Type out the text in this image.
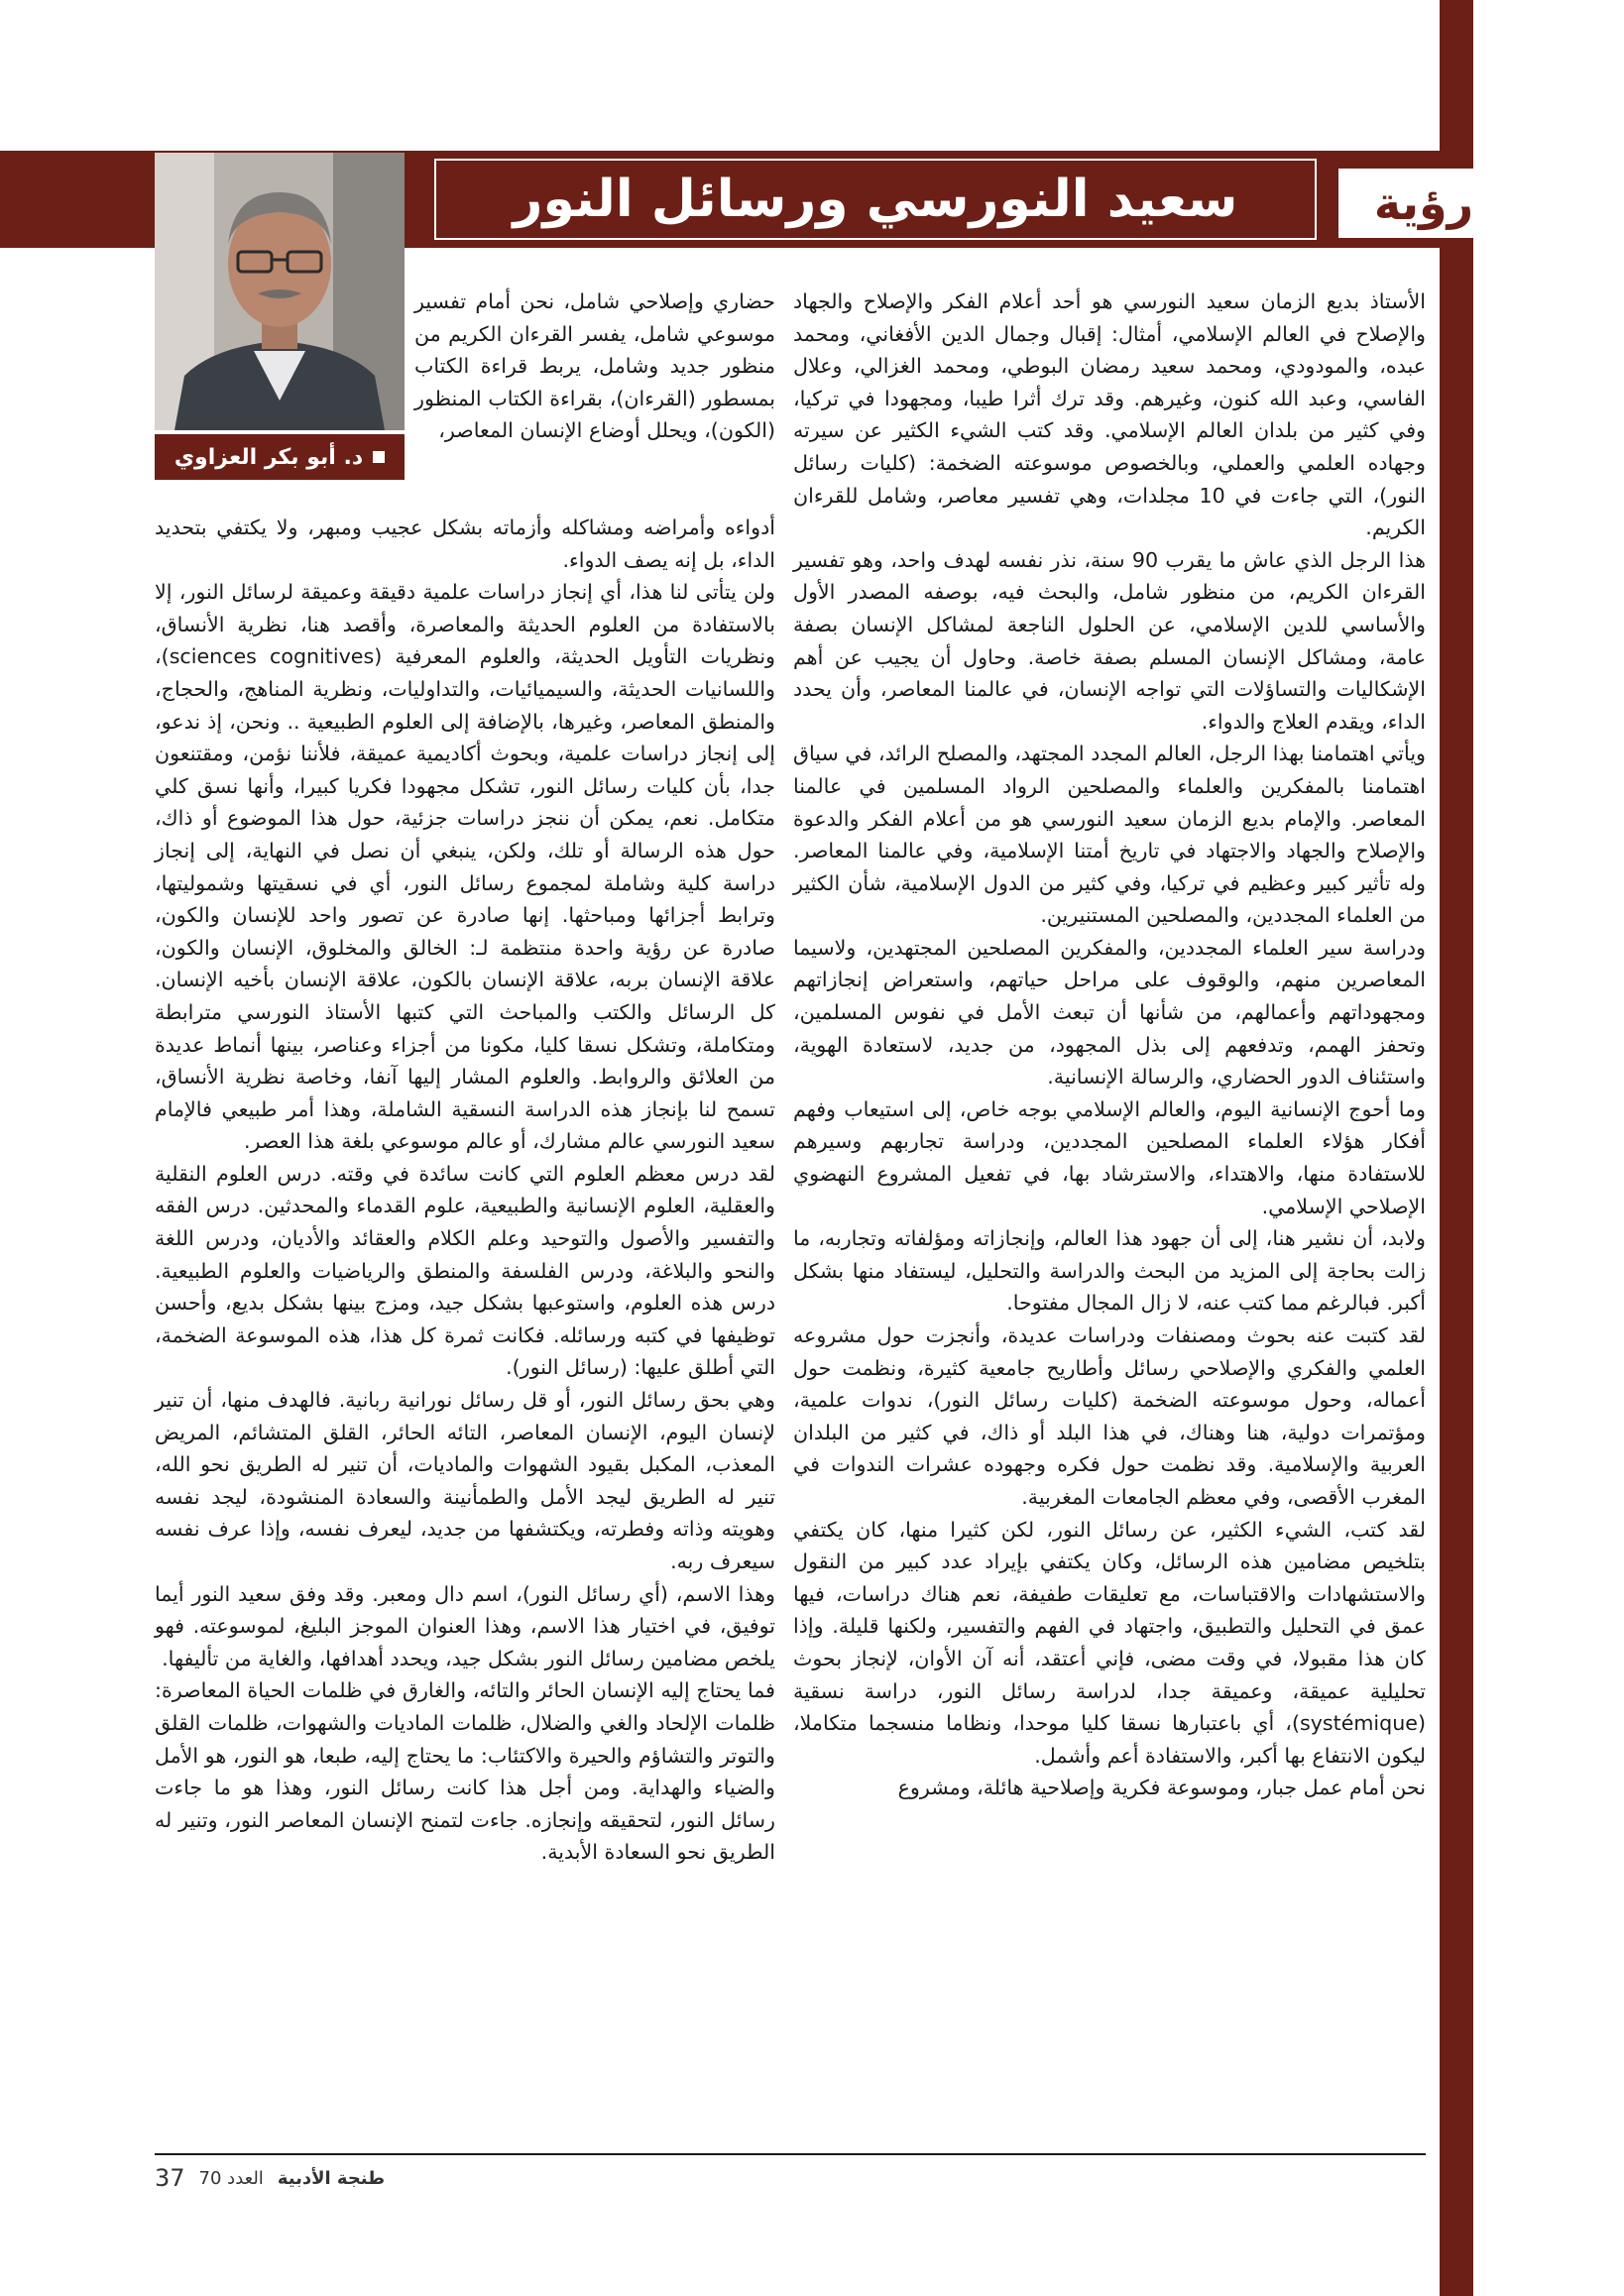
سعيد النورسي ورسائل النور	رؤية
د. أبو بكر العزاوي

الأستاذ بديع الزمان سعيد النورسي هو أحد أعلام الفكر والإصلاح والجهاد والإصلاح في العالم الإسلامي، أمثال: إقبال وجمال الدين الأفغاني، ومحمد عبده، والمودودي، ومحمد سعيد رمضان البوطي، ومحمد الغزالي، وعلال الفاسي، وعبد الله كنون، وغيرهم. وقد ترك أثرا طيبا، ومجهودا في تركيا، وفي كثير من بلدان العالم الإسلامي. وقد كتب الشيء الكثير عن سيرته وجهاده العلمي والعملي، وبالخصوص موسوعته الضخمة: (كليات رسائل النور)، التي جاءت في 10 مجلدات، وهي تفسير معاصر، وشامل للقرءان الكريم.

هذا الرجل الذي عاش ما يقرب 90 سنة، نذر نفسه لهدف واحد، وهو تفسير القرءان الكريم، من منظور شامل، والبحث فيه، بوصفه المصدر الأول والأساسي للدين الإسلامي، عن الحلول الناجعة لمشاكل الإنسان بصفة عامة، ومشاكل الإنسان المسلم بصفة خاصة. وحاول أن يجيب عن أهم الإشكاليات والتساؤلات التي تواجه الإنسان، في عالمنا المعاصر، وأن يحدد الداء، ويقدم العلاج والدواء.

ويأتي اهتمامنا بهذا الرجل، العالم المجدد المجتهد، والمصلح الرائد، في سياق اهتمامنا بالمفكرين والعلماء والمصلحين الرواد المسلمين في عالمنا المعاصر. والإمام بديع الزمان سعيد النورسي هو من أعلام الفكر والدعوة والإصلاح والجهاد والاجتهاد في تاريخ أمتنا الإسلامية، وفي عالمنا المعاصر. وله تأثير كبير وعظيم في تركيا، وفي كثير من الدول الإسلامية، شأن الكثير من العلماء المجددين، والمصلحين المستنيرين.

ودراسة سير العلماء المجددين، والمفكرين المصلحين المجتهدين، ولاسيما المعاصرين منهم، والوقوف على مراحل حياتهم، واستعراض إنجازاتهم ومجهوداتهم وأعمالهم، من شأنها أن تبعث الأمل في نفوس المسلمين، وتحفز الهمم، وتدفعهم إلى بذل المجهود، من جديد، لاستعادة الهوية، واستئناف الدور الحضاري، والرسالة الإنسانية.

وما أحوج الإنسانية اليوم، والعالم الإسلامي بوجه خاص، إلى استيعاب وفهم أفكار هؤلاء العلماء المصلحين المجددين، ودراسة تجاربهم وسيرهم للاستفادة منها، والاهتداء، والاسترشاد بها، في تفعيل المشروع النهضوي الإصلاحي الإسلامي.

ولابد، أن نشير هنا، إلى أن جهود هذا العالم، وإنجازاته ومؤلفاته وتجاربه، ما زالت بحاجة إلى المزيد من البحث والدراسة والتحليل، ليستفاد منها بشكل أكبر. فبالرغم مما كتب عنه، لا زال المجال مفتوحا.

لقد كتبت عنه بحوث ومصنفات ودراسات عديدة، وأنجزت حول مشروعه العلمي والفكري والإصلاحي رسائل وأطاريح جامعية كثيرة، ونظمت حول أعماله، وحول موسوعته الضخمة (كليات رسائل النور)، ندوات علمية، ومؤتمرات دولية، هنا وهناك، في هذا البلد أو ذاك، في كثير من البلدان العربية والإسلامية. وقد نظمت حول فكره وجهوده عشرات الندوات في المغرب الأقصى، وفي معظم الجامعات المغربية.

لقد كتب، الشيء الكثير، عن رسائل النور، لكن كثيرا منها، كان يكتفي بتلخيص مضامين هذه الرسائل، وكان يكتفي بإيراد عدد كبير من النقول والاستشهادات والاقتباسات، مع تعليقات طفيفة، نعم هناك دراسات، فيها عمق في التحليل والتطبيق، واجتهاد في الفهم والتفسير، ولكنها قليلة. وإذا كان هذا مقبولا، في وقت مضى، فإني أعتقد، أنه آن الأوان، لإنجاز بحوث تحليلية عميقة، وعميقة جدا، لدراسة رسائل النور، دراسة نسقية (systémique)، أي باعتبارها نسقا كليا موحدا، ونظاما منسجما متكاملا، ليكون الانتفاع بها أكبر، والاستفادة أعم وأشمل.

نحن أمام عمل جبار، وموسوعة فكرية وإصلاحية هائلة، ومشروع

حضاري وإصلاحي شامل، نحن أمام تفسير موسوعي شامل، يفسر القرءان الكريم من منظور جديد وشامل، يربط قراءة الكتاب بمسطور (القرءان)، بقراءة الكتاب المنظور (الكون)، ويحلل أوضاع الإنسان المعاصر،

أدواءه وأمراضه ومشاكله وأزماته بشكل عجيب ومبهر، ولا يكتفي بتحديد الداء، بل إنه يصف الدواء.

ولن يتأتى لنا هذا، أي إنجاز دراسات علمية دقيقة وعميقة لرسائل النور، إلا بالاستفادة من العلوم الحديثة والمعاصرة، وأقصد هنا، نظرية الأنساق، ونظريات التأويل الحديثة، والعلوم المعرفية (sciences cognitives)، واللسانيات الحديثة، والسيميائيات، والتداوليات، ونظرية المناهج، والحجاج، والمنطق المعاصر، وغيرها، بالإضافة إلى العلوم الطبيعية .. ونحن، إذ ندعو، إلى إنجاز دراسات علمية، وبحوث أكاديمية عميقة، فلأننا نؤمن، ومقتنعون جدا، بأن كليات رسائل النور، تشكل مجهودا فكريا كبيرا، وأنها نسق كلي متكامل. نعم، يمكن أن ننجز دراسات جزئية، حول هذا الموضوع أو ذاك، حول هذه الرسالة أو تلك، ولكن، ينبغي أن نصل في النهاية، إلى إنجاز دراسة كلية وشاملة لمجموع رسائل النور، أي في نسقيتها وشموليتها، وترابط أجزائها ومباحثها. إنها صادرة عن تصور واحد للإنسان والكون، صادرة عن رؤية واحدة منتظمة لـ: الخالق والمخلوق، الإنسان والكون، علاقة الإنسان بربه، علاقة الإنسان بالكون، علاقة الإنسان بأخيه الإنسان. كل الرسائل والكتب والمباحث التي كتبها الأستاذ النورسي مترابطة ومتكاملة، وتشكل نسقا كليا، مكونا من أجزاء وعناصر، بينها أنماط عديدة من العلائق والروابط. والعلوم المشار إليها آنفا، وخاصة نظرية الأنساق، تسمح لنا بإنجاز هذه الدراسة النسقية الشاملة، وهذا أمر طبيعي فالإمام سعيد النورسي عالم مشارك، أو عالم موسوعي بلغة هذا العصر.

لقد درس معظم العلوم التي كانت سائدة في وقته. درس العلوم النقلية والعقلية، العلوم الإنسانية والطبيعية، علوم القدماء والمحدثين. درس الفقه والتفسير والأصول والتوحيد وعلم الكلام والعقائد والأديان، ودرس اللغة والنحو والبلاغة، ودرس الفلسفة والمنطق والرياضيات والعلوم الطبيعية. درس هذه العلوم، واستوعبها بشكل جيد، ومزج بينها بشكل بديع، وأحسن توظيفها في كتبه ورسائله. فكانت ثمرة كل هذا، هذه الموسوعة الضخمة، التي أطلق عليها: (رسائل النور).

وهي بحق رسائل النور، أو قل رسائل نورانية ربانية. فالهدف منها، أن تنير لإنسان اليوم، الإنسان المعاصر، التائه الحائر، القلق المتشائم، المريض المعذب، المكبل بقيود الشهوات والماديات، أن تنير له الطريق نحو الله، تنير له الطريق ليجد الأمل والطمأنينة والسعادة المنشودة، ليجد نفسه وهويته وذاته وفطرته، ويكتشفها من جديد، ليعرف نفسه، وإذا عرف نفسه سيعرف ربه.

وهذا الاسم، (أي رسائل النور)، اسم دال ومعبر. وقد وفق سعيد النور أيما توفيق، في اختيار هذا الاسم، وهذا العنوان الموجز البليغ، لموسوعته. فهو يلخص مضامين رسائل النور بشكل جيد، ويحدد أهدافها، والغاية من تأليفها.

فما يحتاج إليه الإنسان الحائر والتائه، والغارق في ظلمات الحياة المعاصرة: ظلمات الإلحاد والغي والضلال، ظلمات الماديات والشهوات، ظلمات القلق والتوتر والتشاؤم والحيرة والاكتئاب: ما يحتاج إليه، طبعا، هو النور، هو الأمل والضياء والهداية. ومن أجل هذا كانت رسائل النور، وهذا هو ما جاءت رسائل النور، لتحقيقه وإنجازه. جاءت لتمنح الإنسان المعاصر النور، وتنير له الطريق نحو السعادة الأبدية.

37 العدد 70 طنجة الأدبية
